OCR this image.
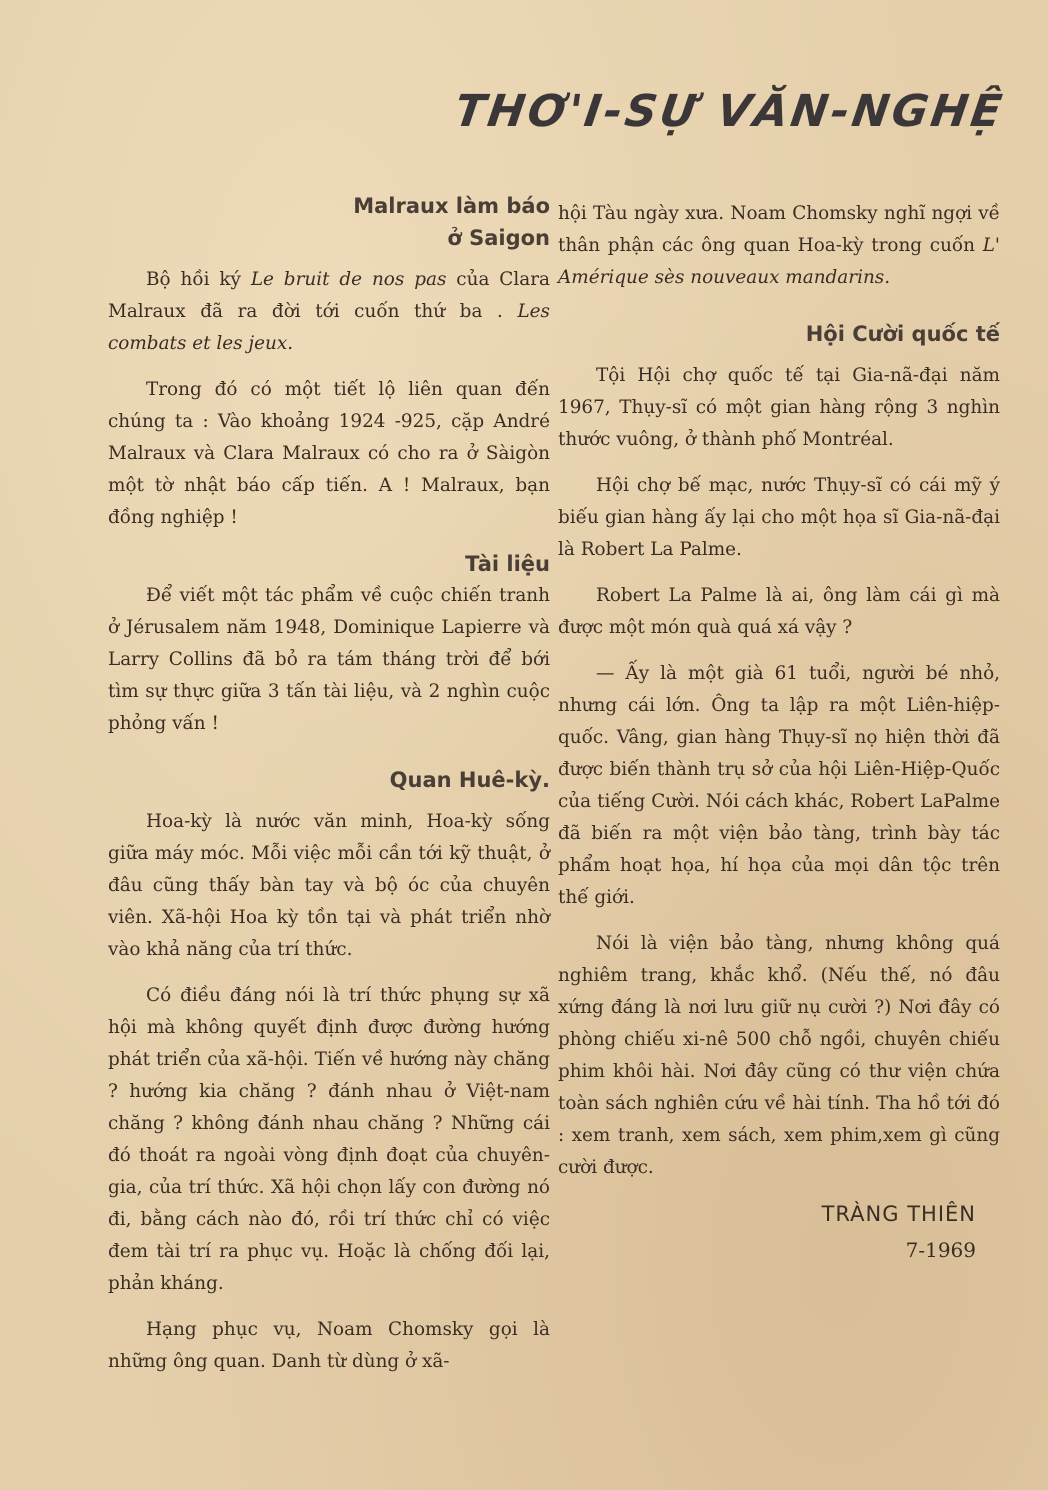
THƠ'I-SỰ VĂN-NGHỆ
Malraux làm báo ở Saigon

Bộ hồi ký Le bruit de nos pas của Clara Malraux đã ra đời tới cuốn thứ ba . Les combats et les jeux.

Trong đó có một tiết lộ liên quan đến chúng ta : Vào khoảng 1924 -925, cặp André Malraux và Clara Malraux có cho ra ở Sàigòn một tờ nhật báo cấp tiến. A ! Malraux, bạn đồng nghiệp !

Tài liệu

Để viết một tác phẩm về cuộc chiến tranh ở Jérusalem năm 1948, Dominique Lapierre và Larry Collins đã bỏ ra tám tháng trời để bới tìm sự thực giữa 3 tấn tài liệu, và 2 nghìn cuộc phỏng vấn !

Quan Huê-kỳ.

Hoa-kỳ là nước văn minh, Hoa-kỳ sống giữa máy móc. Mỗi việc mỗi cần tới kỹ thuật, ở đâu cũng thấy bàn tay và bộ óc của chuyên viên. Xã-hội Hoa kỳ tồn tại và phát triển nhờ vào khả năng của trí thức.

Có điều đáng nói là trí thức phụng sự xã hội mà không quyết định được đường hướng phát triển của xã-hội. Tiến về hướng này chăng ? hướng kia chăng ? đánh nhau ở Việt-nam chăng ? không đánh nhau chăng ? Những cái đó thoát ra ngoài vòng định đoạt của chuyên-gia, của trí thức. Xã hội chọn lấy con đường nó đi, bằng cách nào đó, rồi trí thức chỉ có việc đem tài trí ra phục vụ. Hoặc là chống đối lại, phản kháng.

Hạng phục vụ, Noam Chomsky gọi là những ông quan. Danh từ dùng ở xã-

hội Tàu ngày xưa. Noam Chomsky nghĩ ngợi về thân phận các ông quan Hoa-kỳ trong cuốn L' Amérique sès nouveaux mandarins.

Hội Cười quốc tế

Tội Hội chợ quốc tế tại Gia-nã-đại năm 1967, Thụy-sĩ có một gian hàng rộng 3 nghìn thước vuông, ở thành phố Montréal.

Hội chợ bế mạc, nước Thụy-sĩ có cái mỹ ý biếu gian hàng ấy lại cho một họa sĩ Gia-nã-đại là Robert La Palme.

Robert La Palme là ai, ông làm cái gì mà được một món quà quá xá vậy ?

— Ấy là một già 61 tuổi, người bé nhỏ, nhưng cái lớn. Ông ta lập ra một Liên-hiệp-quốc. Vâng, gian hàng Thụy-sĩ nọ hiện thời đã được biến thành trụ sở của hội Liên-Hiệp-Quốc của tiếng Cười. Nói cách khác, Robert LaPalme đã biến ra một viện bảo tàng, trình bày tác phẩm hoạt họa, hí họa của mọi dân tộc trên thế giới.

Nói là viện bảo tàng, nhưng không quá nghiêm trang, khắc khổ. (Nếu thế, nó đâu xứng đáng là nơi lưu giữ nụ cười ?) Nơi đây có phòng chiếu xi-nê 500 chỗ ngồi, chuyên chiếu phim khôi hài. Nơi đây cũng có thư viện chứa toàn sách nghiên cứu về hài tính. Tha hồ tới đó : xem tranh, xem sách, xem phim,xem gì cũng cười được.

TRÀNG THIÊN
7-1969
